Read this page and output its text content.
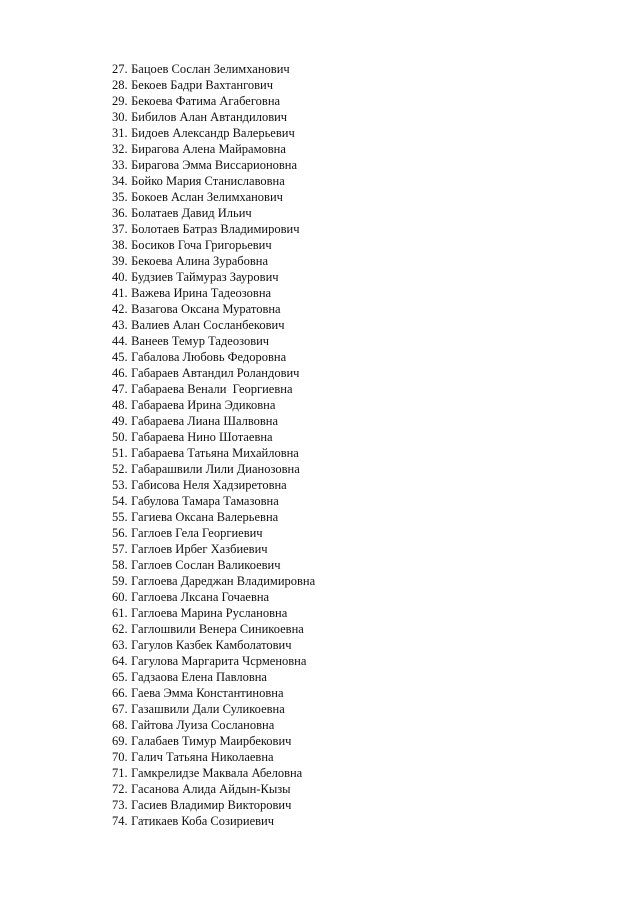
27. Бацоев Сослан Зелимханович
28. Бекоев Бадри Вахтангович
29. Бекоева Фатима Агабеговна
30. Бибилов Алан Автандилович
31. Бидоев Александр Валерьевич
32. Бирагова Алена Майрамовна
33. Бирагова Эмма Виссарионовна
34. Бойко Мария Станиславовна
35. Бокоев Аслан Зелимханович
36. Болатаев Давид Ильич
37. Болотаев Батраз Владимирович
38. Босиков Гоча Григорьевич
39. Бекоева Алина Зурабовна
40. Будзиев Таймураз Заурович
41. Важева Ирина Тадеозовна
42. Вазагова Оксана Муратовна
43. Валиев Алан Сосланбекович
44. Ванеев Темур Тадеозович
45. Габалова Любовь Федоровна
46. Габараев Автандил Роландович
47. Габараева Венали  Георгиевна
48. Габараева Ирина Эдиковна
49. Габараева Лиана Шалвовна
50. Габараева Нино Шотаевна
51. Габараева Татьяна Михайловна
52. Габарашвили Лили Дианозовна
53. Габисова Неля Хадзиретовна
54. Габулова Тамара Тамазовна
55. Гагиева Оксана Валерьевна
56. Гаглоев Гела Георгиевич
57. Гаглоев Ирбег Хазбиевич
58. Гаглоев Сослан Валикоевич
59. Гаглоева Дареджан Владимировна
60. Гаглоева Лксана Гочаевна
61. Гаглоева Марина Руслановна
62. Гаглошвили Венера Синикоевна
63. Гагулов Казбек Камболатович
64. Гагулова Маргарита Чсрменовна
65. Гадзаова Елена Павловна
66. Гаева Эмма Константиновна
67. Газашвили Дали Суликоевна
68. Гайтова Луиза Сослановна
69. Галабаев Тимур Маирбекович
70. Галич Татьяна Николаевна
71. Гамкрелидзе Маквала Абеловна
72. Гасанова Алида Айдын-Кызы
73. Гасиев Владимир Викторович
74. Гатикаев Коба Созириевич
